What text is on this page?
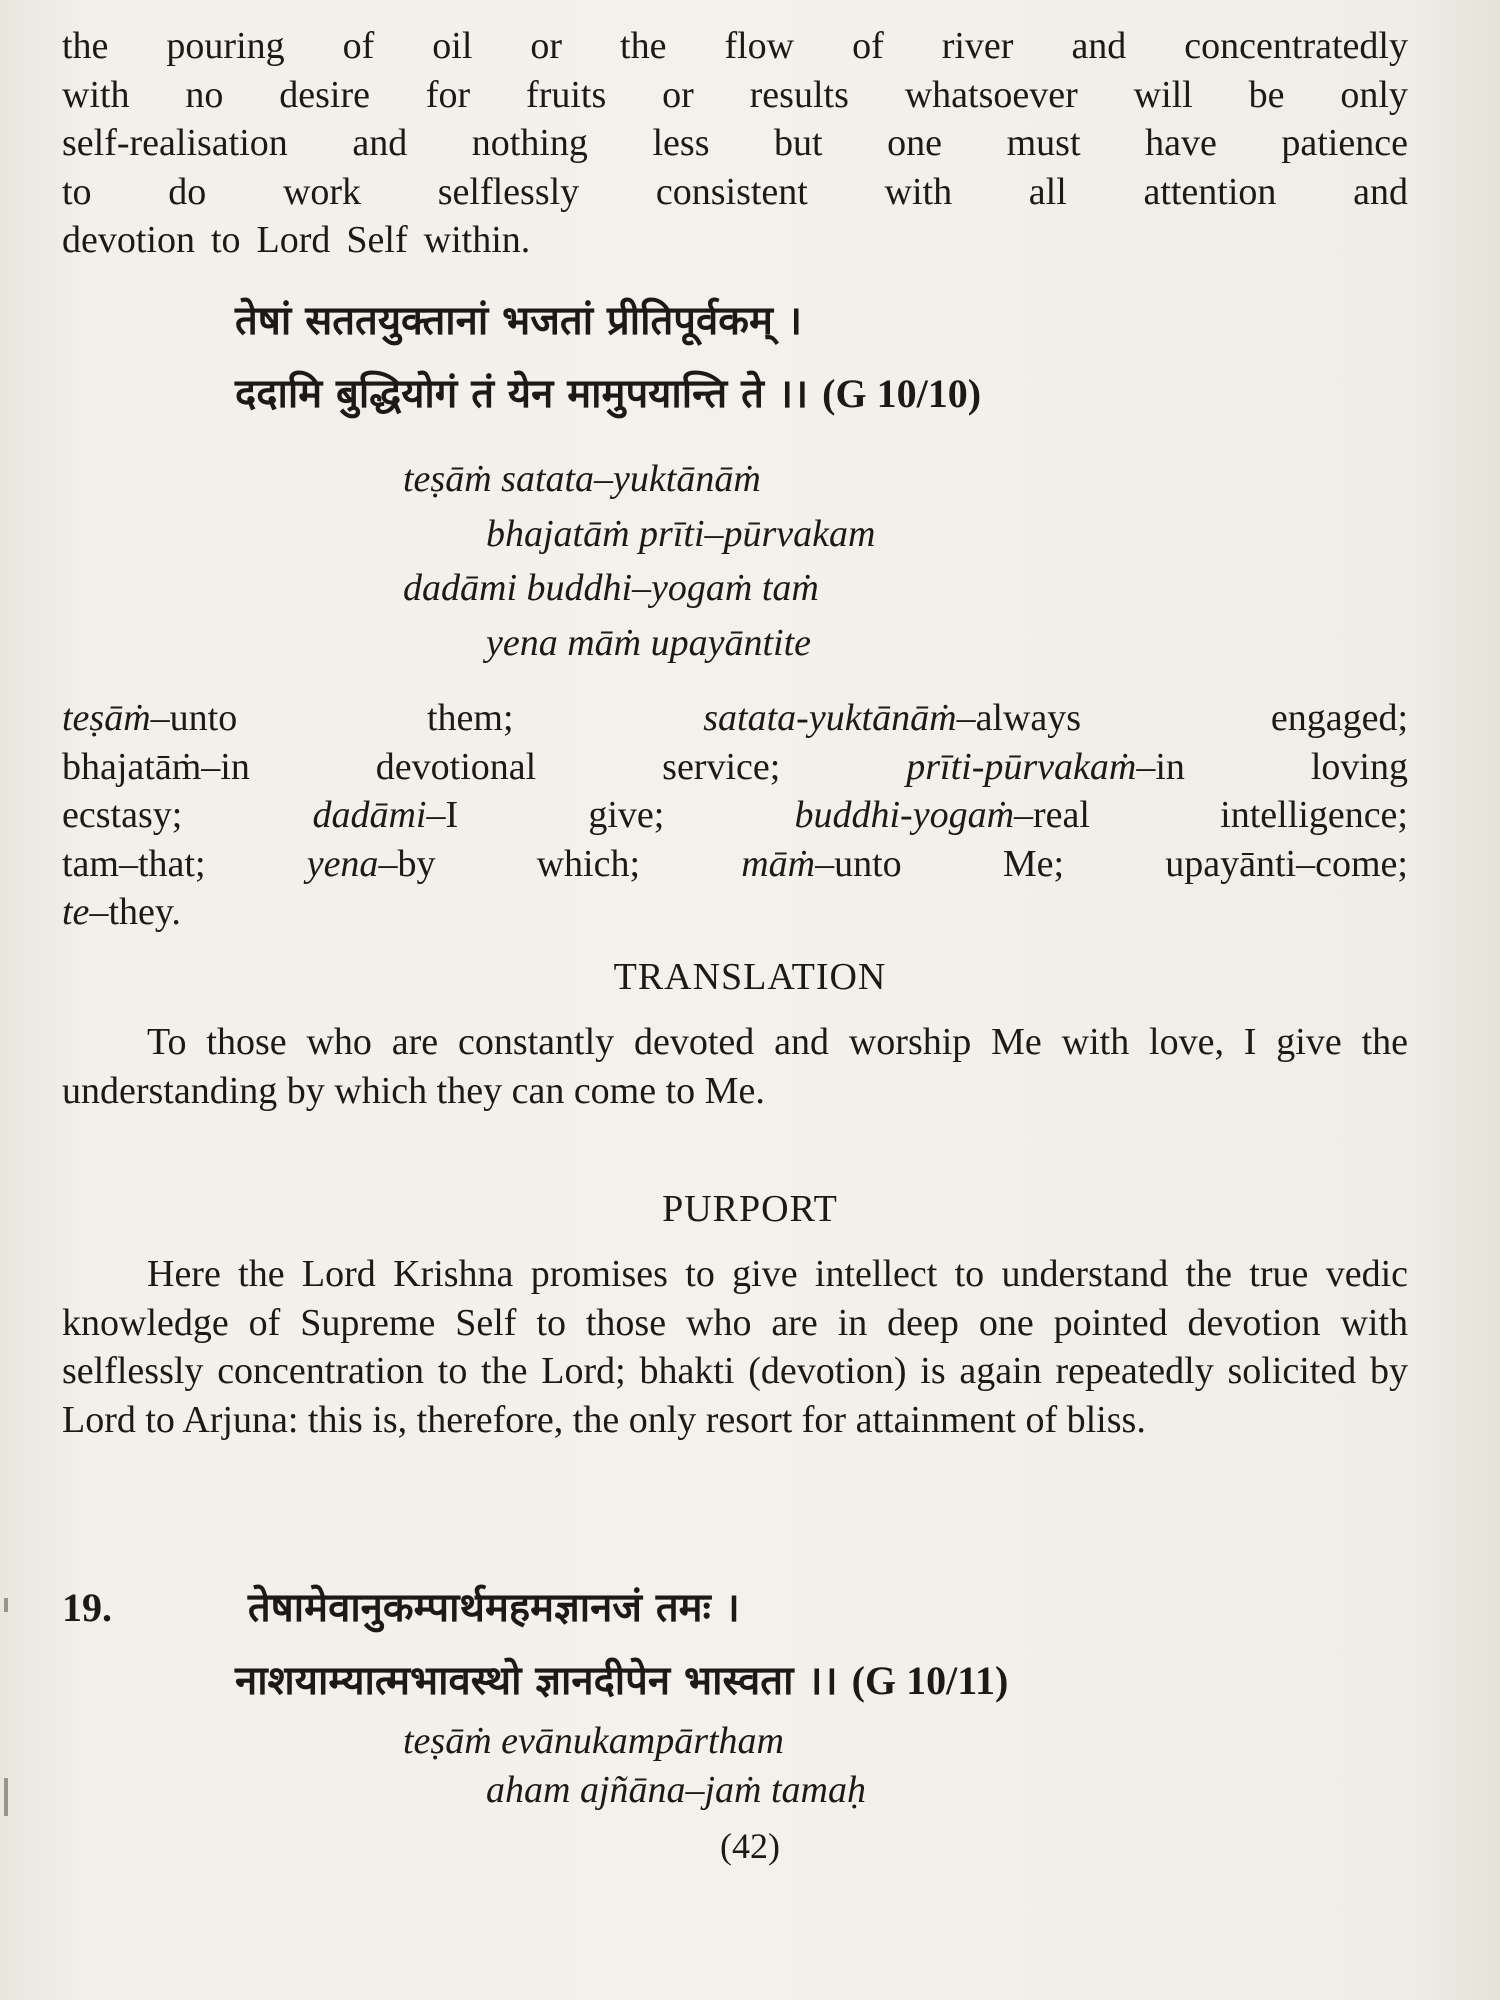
the pouring of oil or the flow of river and concentratedly
with no desire for fruits or results whatsoever will be only
self-realisation and nothing less but one must have patience
to do work selflessly consistent with all attention and
devotion to Lord Self within.
तेषां सततयुक्तानां भजतां प्रीतिपूर्वकम् ।
ददामि बुद्धियोगं तं येन मामुपयान्ति ते ।। (G 10/10)
teṣāṁ satata–yuktānāṁ
bhajatāṁ prīti–pūrvakam
dadāmi buddhi–yogaṁ taṁ
yena māṁ upayāntite
teṣāṁ–unto	them;	satata-yuktānāṁ–always	engaged;
bhajatāṁ–in	devotional	service;	prīti-pūrvakaṁ–in	loving
ecstasy;	dadāmi–I	give;	buddhi-yogaṁ–real	intelligence;
tam–that;	yena–by	which;	māṁ–unto	Me;	upayānti–come;
te–they.
TRANSLATION
To those who are constantly devoted and worship Me with love, I give the understanding by which they can come to Me.
PURPORT
Here the Lord Krishna promises to give intellect to understand the true vedic knowledge of Supreme Self to those who are in deep one pointed devotion with selflessly concentration to the Lord; bhakti (devotion) is again repeatedly solicited by Lord to Arjuna: this is, therefore, the only resort for attainment of bliss.
19.	तेषामेवानुकम्पार्थमहमज्ञानजं तमः ।
नाशयाम्यात्मभावस्थो ज्ञानदीपेन भास्वता ।। (G 10/11)
teṣāṁ evānukampārtham
aham ajñāna–jaṁ tamaḥ
(42)
